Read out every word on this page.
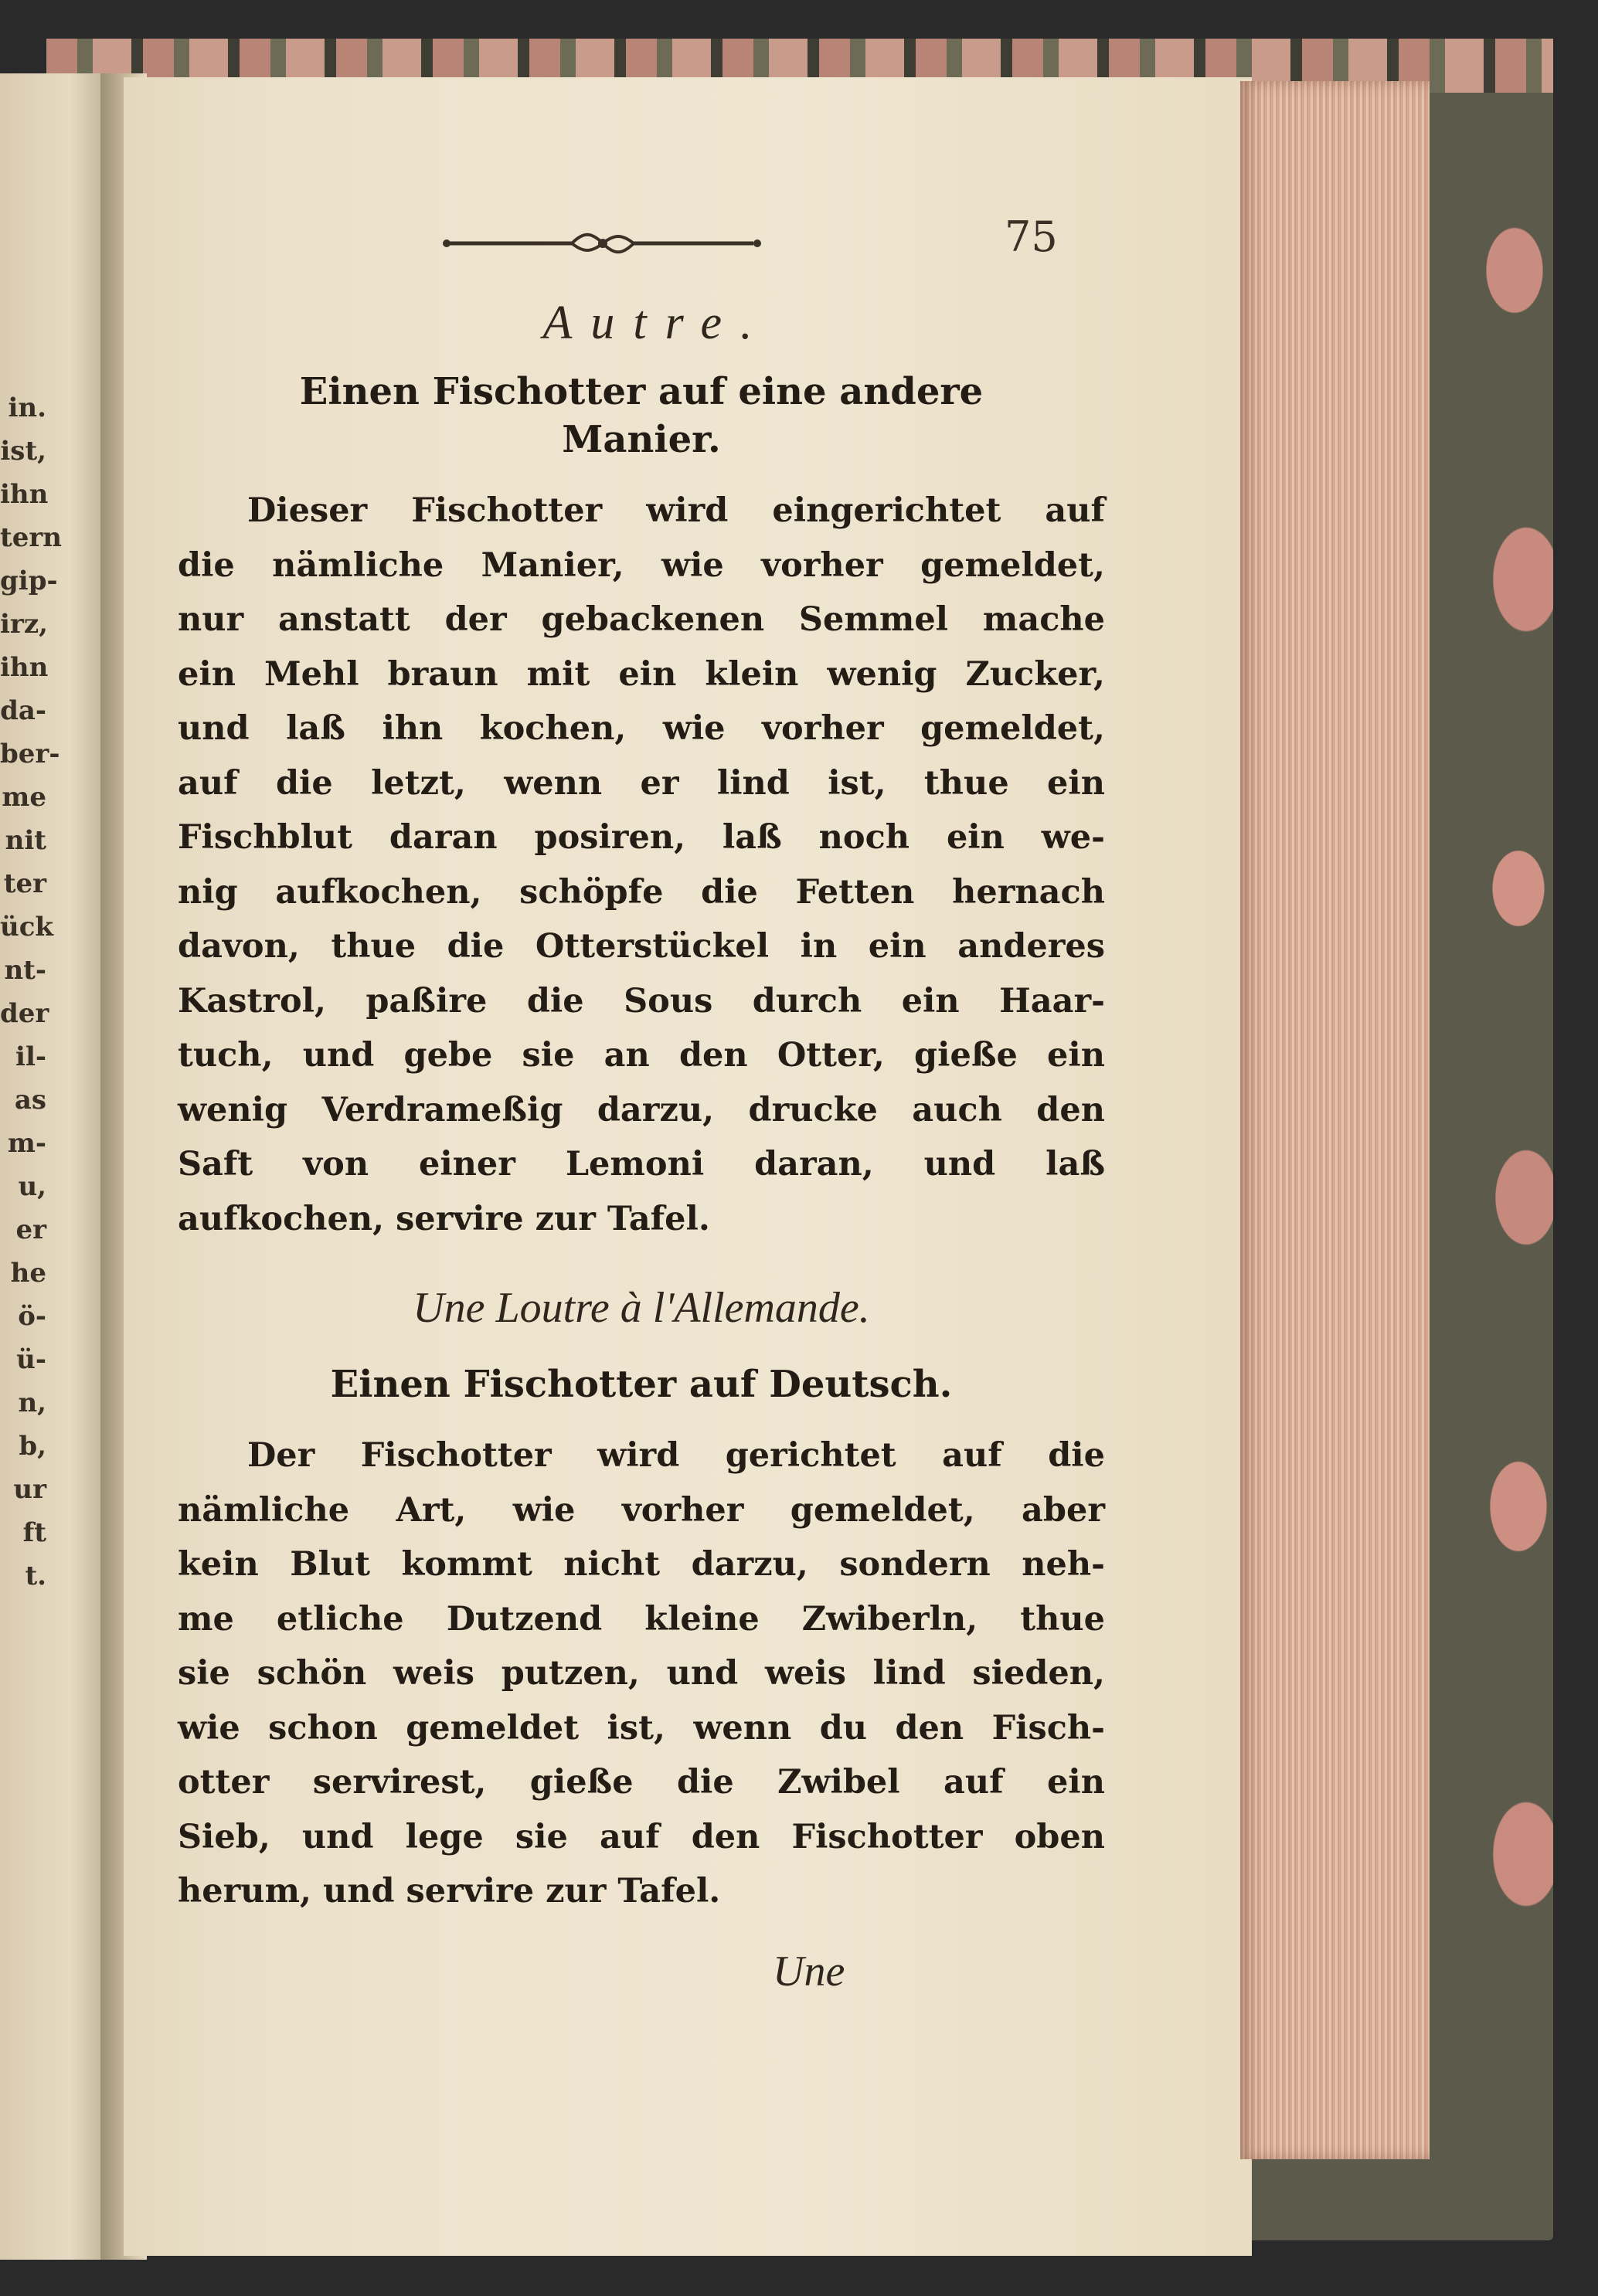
in.
ist,
ihn
tern
gip-
irz,
ihn
da-
ber-
me
nit
ter
ück
nt-
der
il-
as
m-
u,
er
he
ö-
ü-
n,
b,
ur
ft
t.
75
Autre.
Einen Fischotter auf eine andere
Manier.
Dieser Fischotter wird eingerichtet auf
die nämliche Manier, wie vorher gemeldet,
nur anstatt der gebackenen Semmel mache
ein Mehl braun mit ein klein wenig Zucker,
und laß ihn kochen, wie vorher gemeldet,
auf die letzt, wenn er lind ist, thue ein
Fischblut daran posiren, laß noch ein we-
nig aufkochen, schöpfe die Fetten hernach
davon, thue die Otterstückel in ein anderes
Kastrol, paßire die Sous durch ein Haar-
tuch, und gebe sie an den Otter, gieße ein
wenig Verdrameßig darzu, drucke auch den
Saft von einer Lemoni daran, und laß
aufkochen, servire zur Tafel.
Une Loutre à l'Allemande.
Einen Fischotter auf Deutsch.
Der Fischotter wird gerichtet auf die
nämliche Art, wie vorher gemeldet, aber
kein Blut kommt nicht darzu, sondern neh-
me etliche Dutzend kleine Zwiberln, thue
sie schön weis putzen, und weis lind sieden,
wie schon gemeldet ist, wenn du den Fisch-
otter servirest, gieße die Zwibel auf ein
Sieb, und lege sie auf den Fischotter oben
herum, und servire zur Tafel.
Une
